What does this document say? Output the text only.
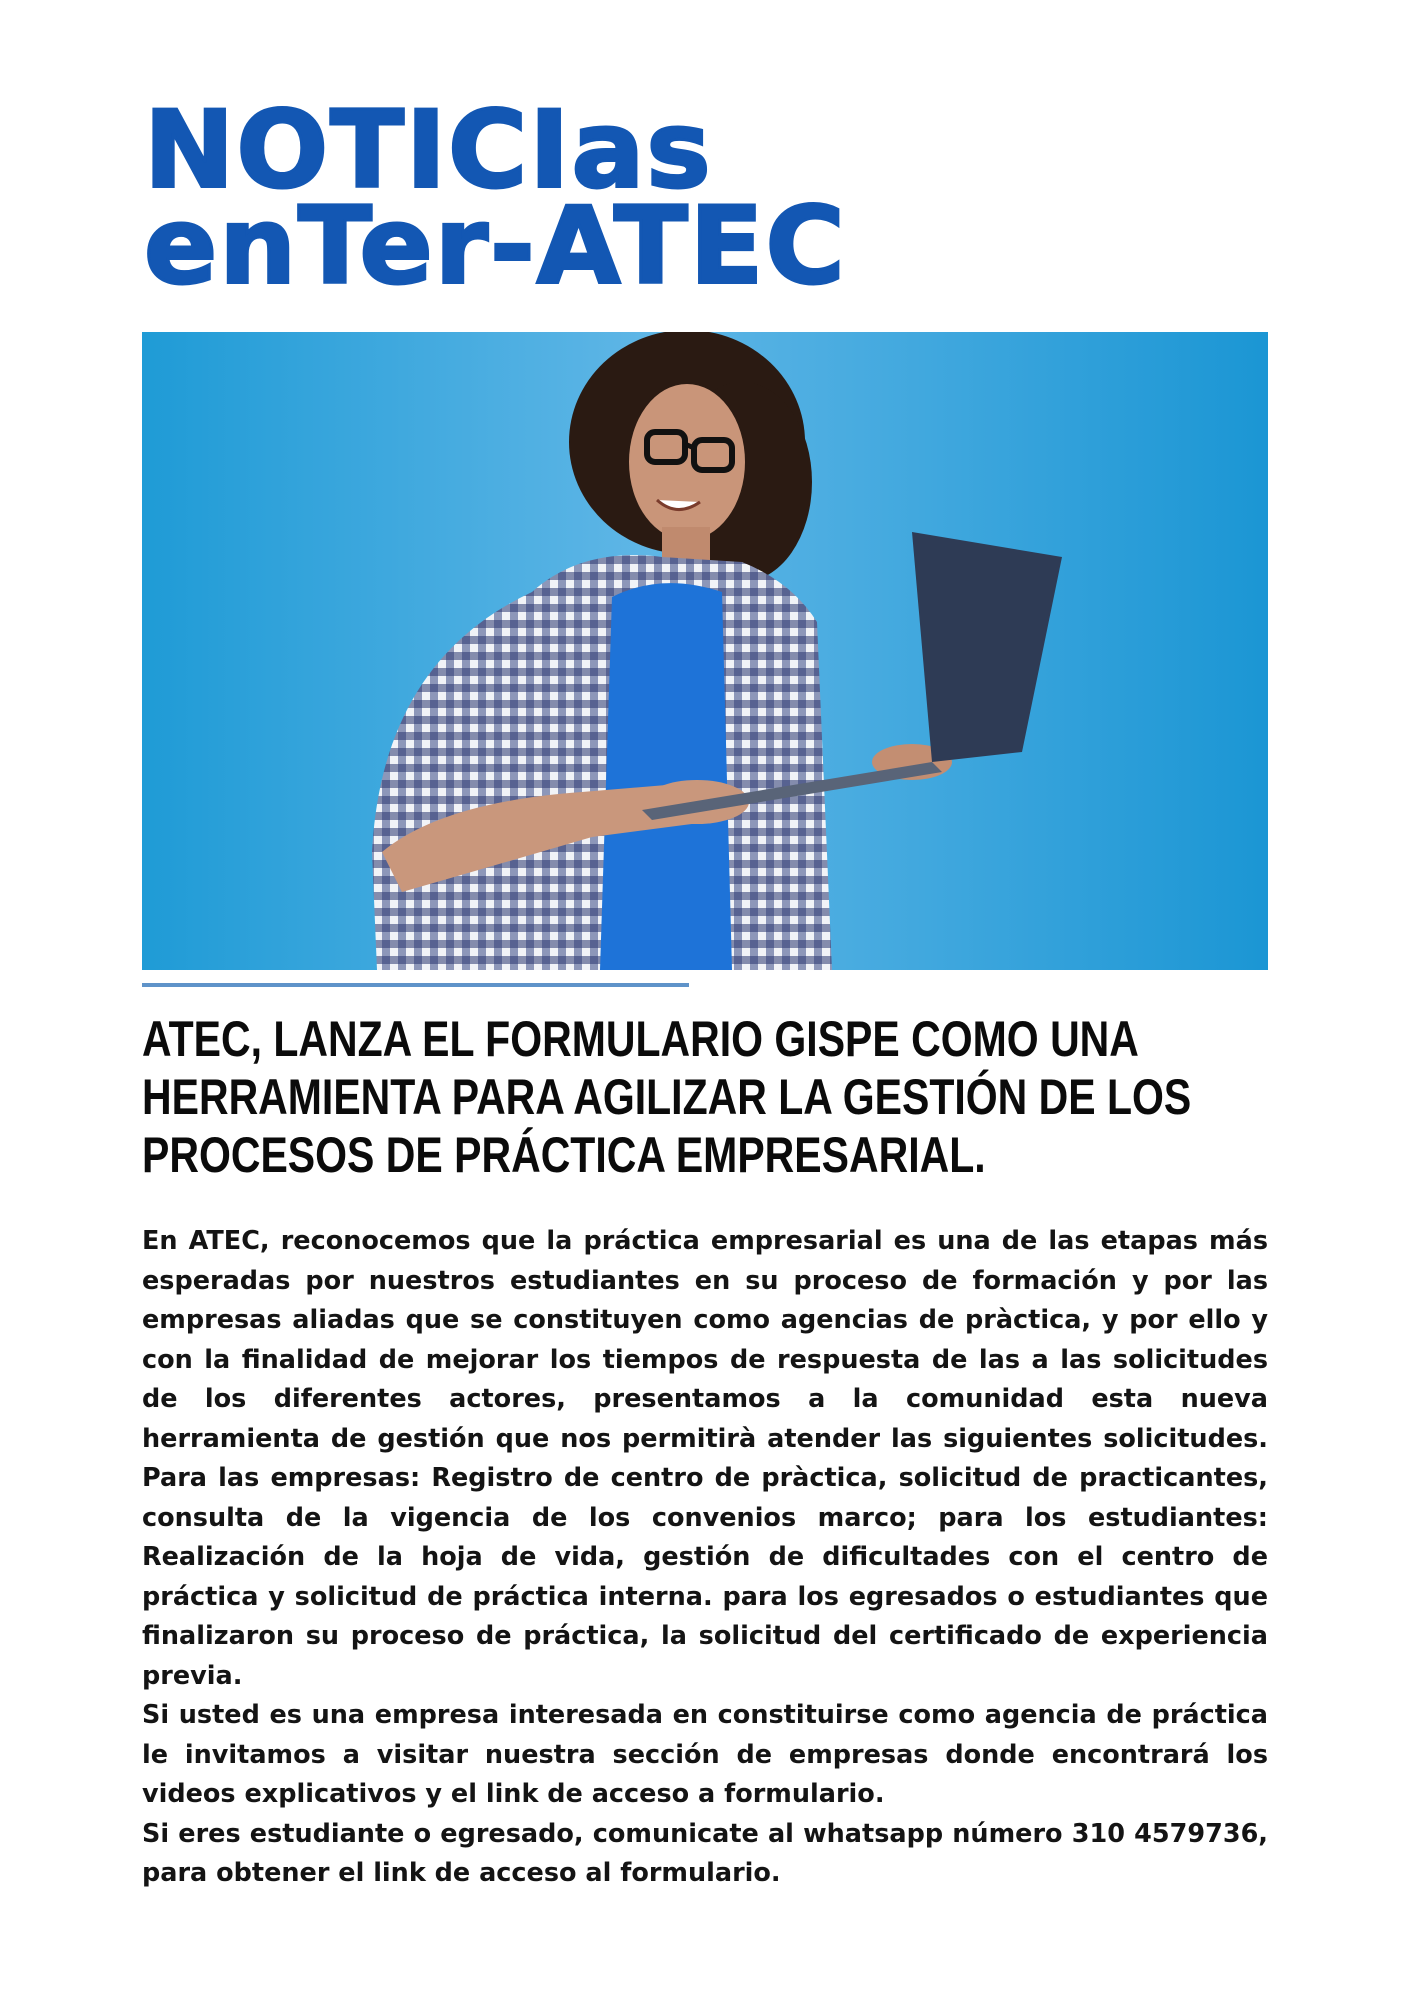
NOTICIas
enTer-ATEC
ATEC, LANZA EL FORMULARIO GISPE COMO UNA
HERRAMIENTA PARA AGILIZAR LA GESTIÓN DE LOS
PROCESOS DE PRÁCTICA EMPRESARIAL.

En ATEC, reconocemos que la práctica empresarial es una de las etapas más esperadas por nuestros estudiantes en su proceso de formación y por las empresas aliadas que se constituyen como agencias de pràctica, y por ello y con la finalidad de mejorar los tiempos de respuesta de las a las solicitudes de los diferentes actores, presentamos a la comunidad esta nueva herramienta de gestión que nos permitirà atender las siguientes solicitudes. Para las empresas: Registro de centro de pràctica, solicitud de practicantes, consulta de la vigencia de los convenios marco; para los estudiantes: Realización de la hoja de vida, gestión de dificultades con el centro de práctica y solicitud de práctica interna. para los egresados o estudiantes que finalizaron su proceso de práctica, la solicitud del certificado de experiencia previa.

Si usted es una empresa interesada en constituirse como agencia de práctica le invitamos a visitar nuestra sección de empresas donde encontrará los videos explicativos y el link de acceso a formulario.

Si eres estudiante o egresado, comunicate al whatsapp número 310 4579736, para obtener el link de acceso al formulario.
